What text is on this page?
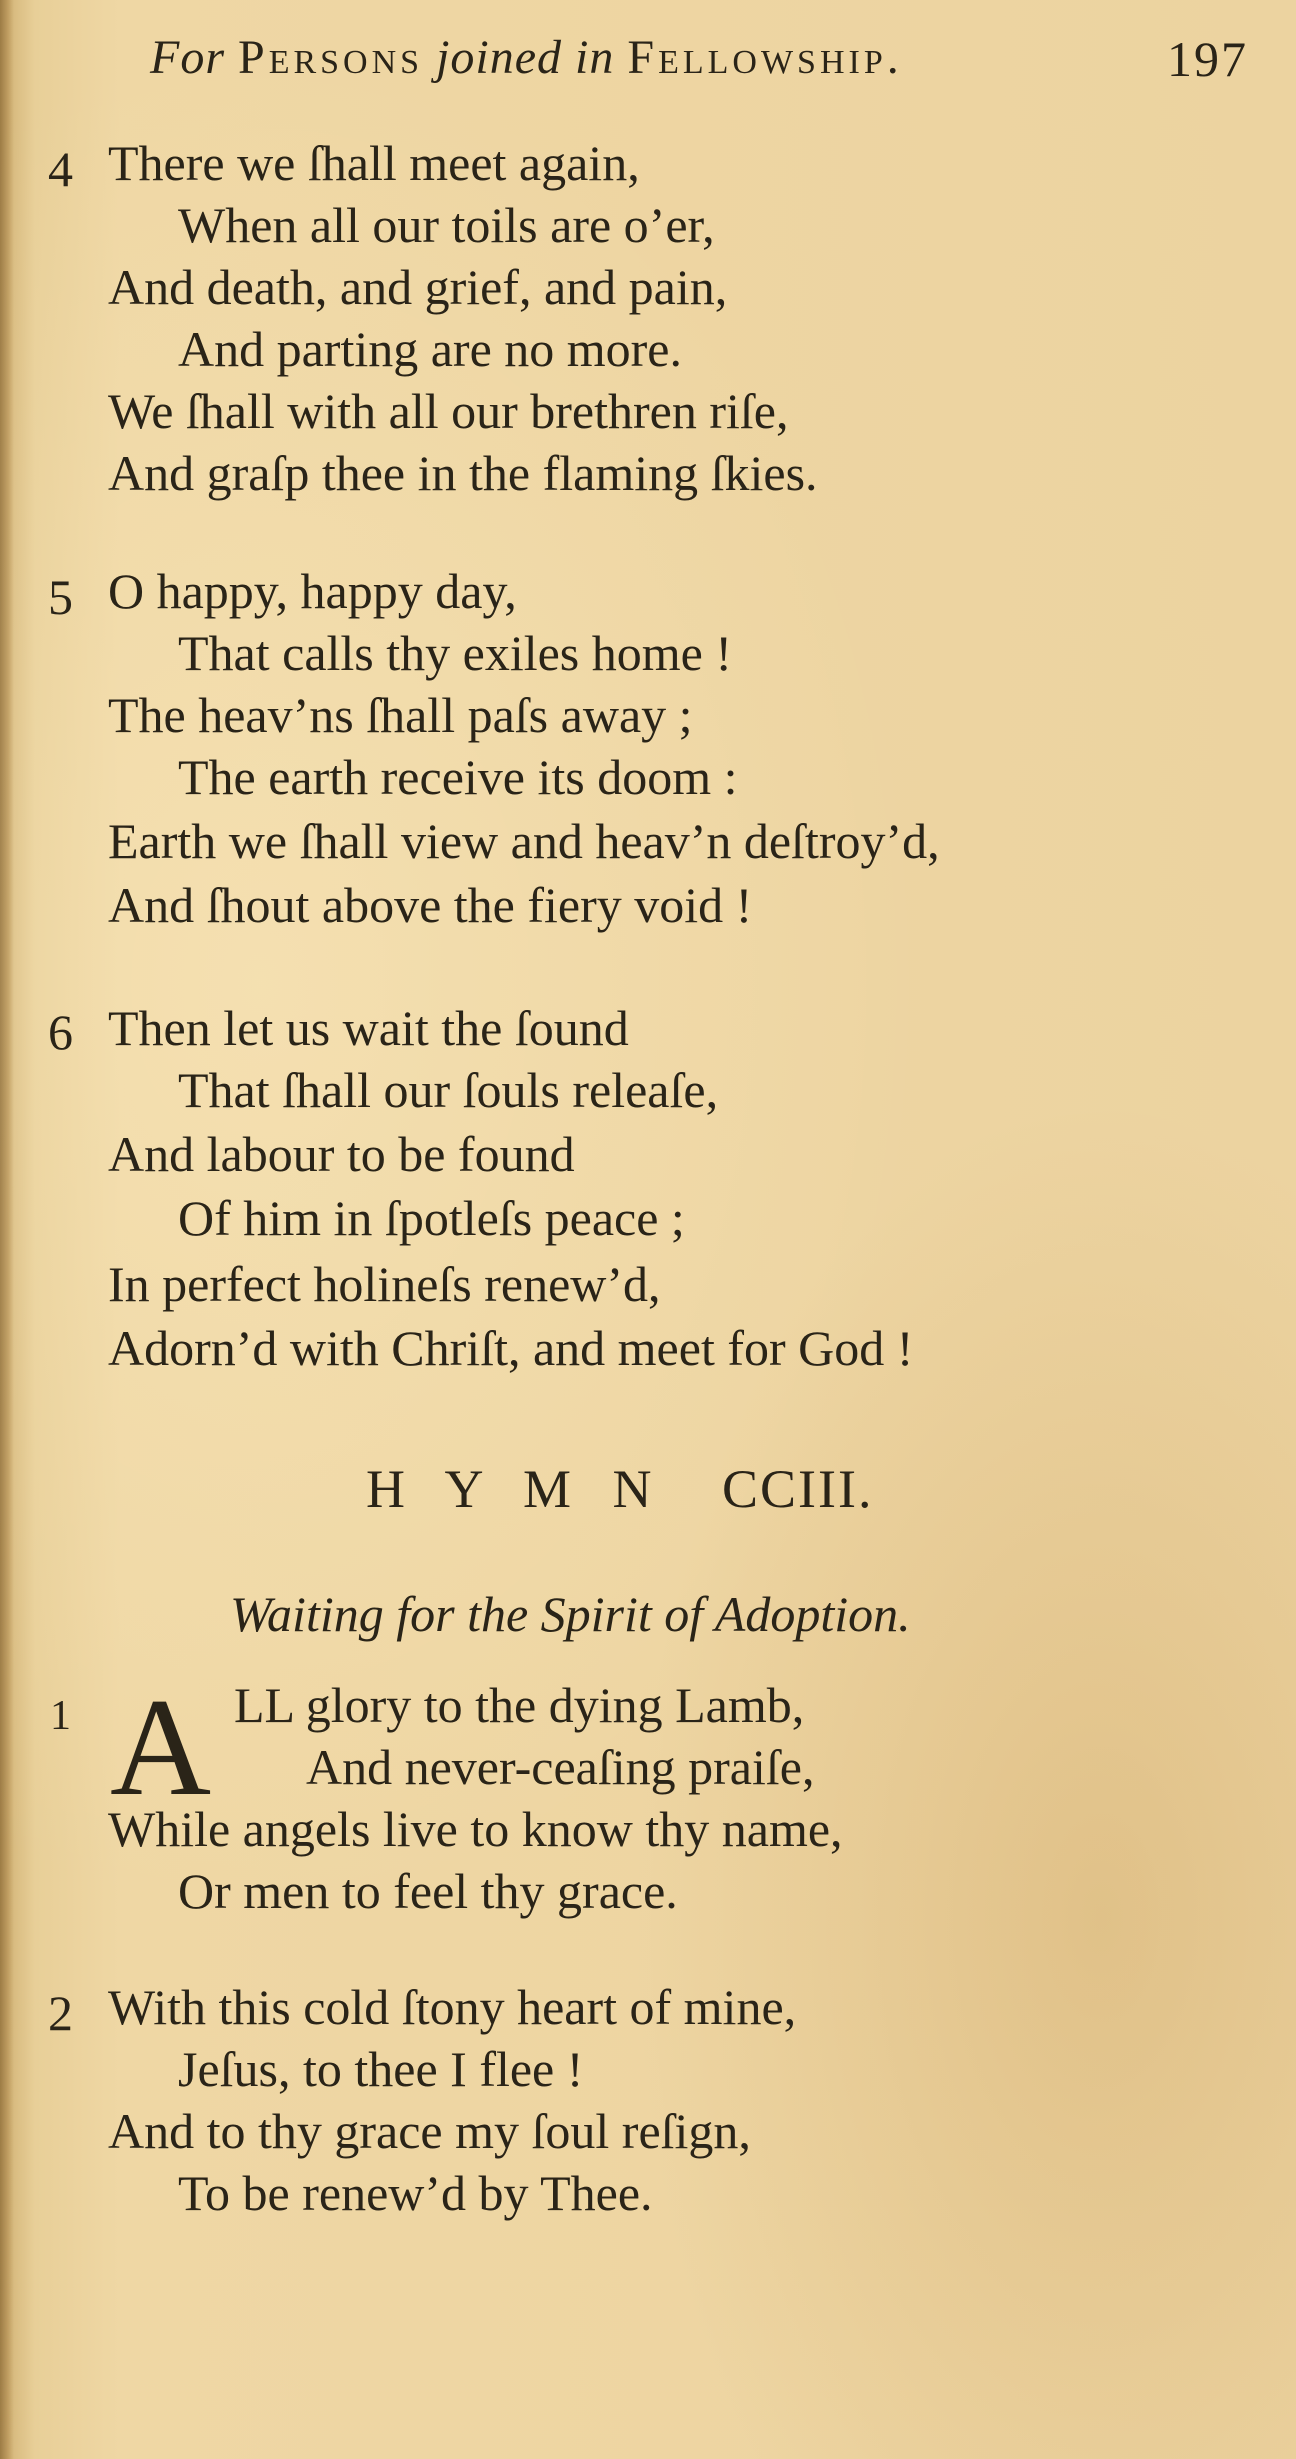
For Persons joined in Fellowship.	197
4 There we ſhall meet again,
When all our toils are o’er,
And death, and grief, and pain,
And parting are no more.
We ſhall with all our brethren riſe,
And graſp thee in the flaming ſkies.
5 O happy, happy day,
That calls thy exiles home !
The heav’ns ſhall paſs away ;
The earth receive its doom :
Earth we ſhall view and heav’n deſtroy’d,
And ſhout above the fiery void !
6 Then let us wait the ſound
That ſhall our ſouls releaſe,
And labour to be found
Of him in ſpotleſs peace ;
In perfect holineſs renew’d,
Adorn’d with Chriſt, and meet for God !
H Y M N CCIII.
Waiting for the Spirit of Adoption.
1 A LL glory to the dying Lamb,
And never-ceaſing praiſe,
While angels live to know thy name,
Or men to feel thy grace.
2 With this cold ſtony heart of mine,
Jeſus, to thee I flee !
And to thy grace my ſoul reſign,
To be renew’d by Thee.
